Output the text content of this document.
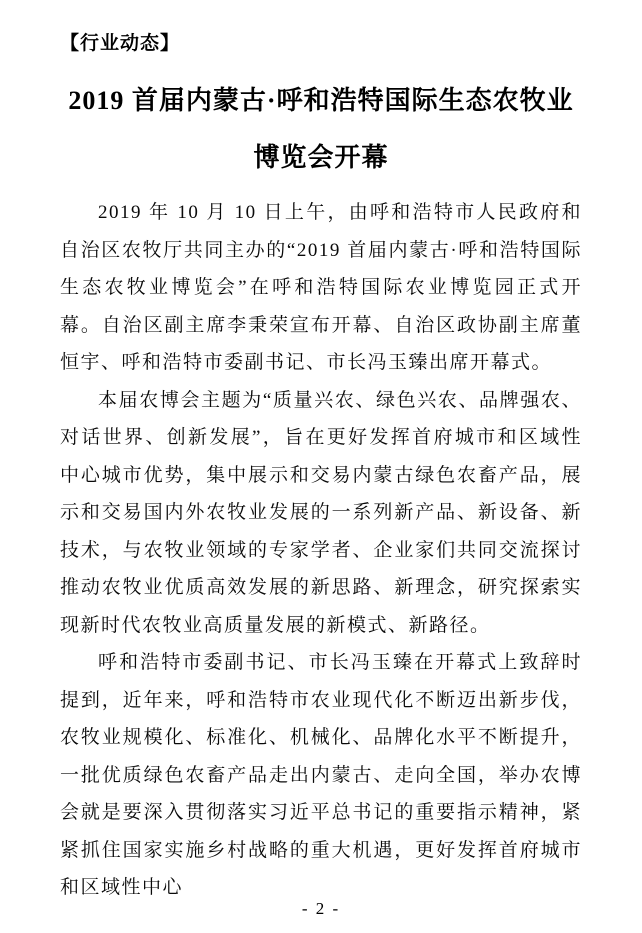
【行业动态】
2019 首届内蒙古·呼和浩特国际生态农牧业
博览会开幕

2019 年 10 月 10 日上午，由呼和浩特市人民政府和自治区农牧厅共同主办的“2019 首届内蒙古·呼和浩特国际生态农牧业博览会”在呼和浩特国际农业博览园正式开幕。自治区副主席李秉荣宣布开幕、自治区政协副主席董恒宇、呼和浩特市委副书记、市长冯玉臻出席开幕式。

本届农博会主题为“质量兴农、绿色兴农、品牌强农、对话世界、创新发展”，旨在更好发挥首府城市和区域性中心城市优势，集中展示和交易内蒙古绿色农畜产品，展示和交易国内外农牧业发展的一系列新产品、新设备、新技术，与农牧业领域的专家学者、企业家们共同交流探讨推动农牧业优质高效发展的新思路、新理念，研究探索实现新时代农牧业高质量发展的新模式、新路径。

呼和浩特市委副书记、市长冯玉臻在开幕式上致辞时提到，近年来，呼和浩特市农业现代化不断迈出新步伐，农牧业规模化、标准化、机械化、品牌化水平不断提升，一批优质绿色农畜产品走出内蒙古、走向全国，举办农博会就是要深入贯彻落实习近平总书记的重要指示精神，紧紧抓住国家实施乡村战略的重大机遇，更好发挥首府城市和区域性中心

- 2 -
